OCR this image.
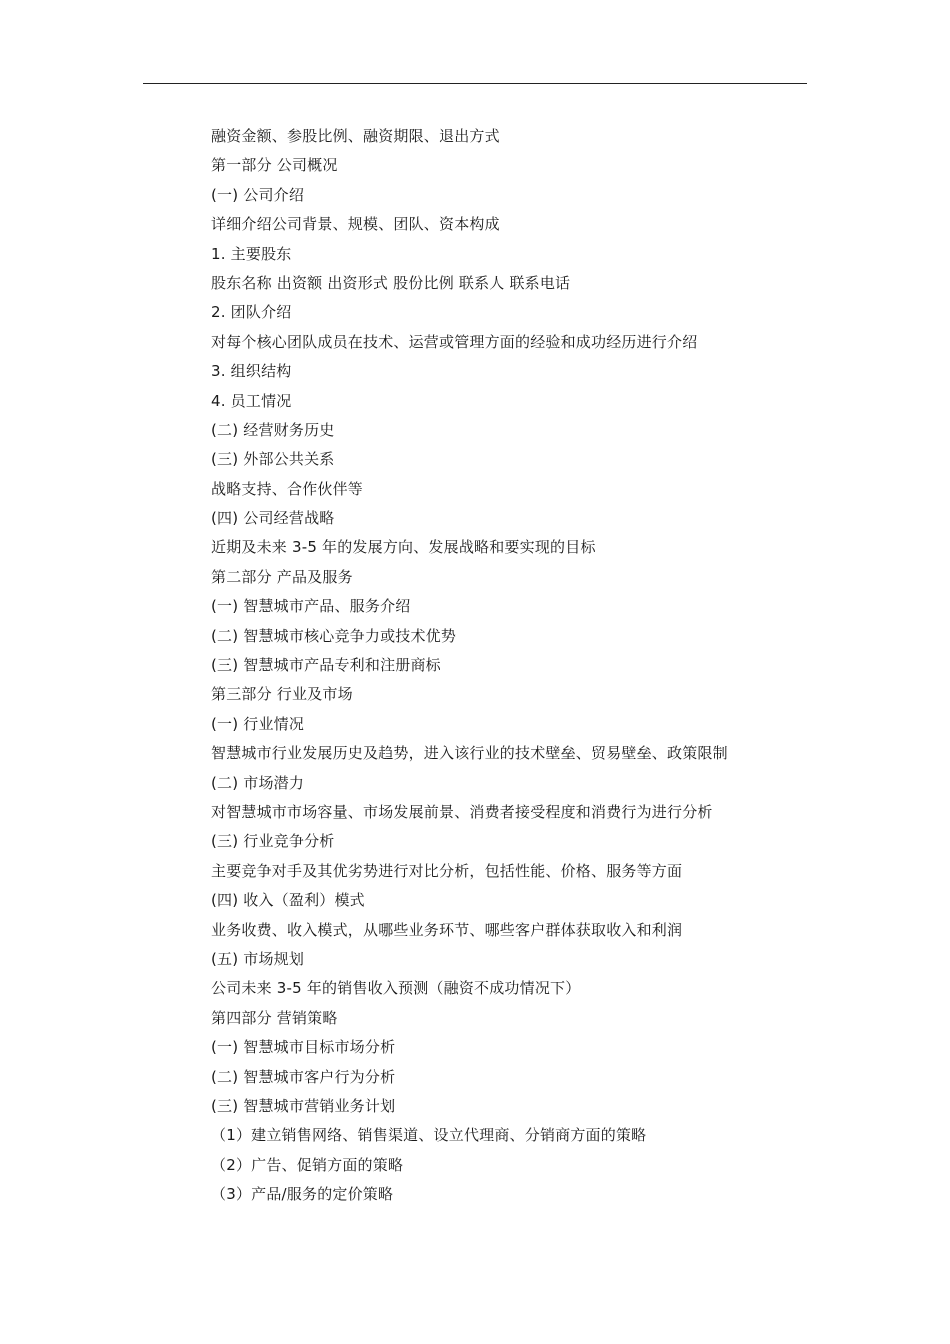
融资金额、参股比例、融资期限、退出方式
第一部分 公司概况
(一) 公司介绍
详细介绍公司背景、规模、团队、资本构成
1. 主要股东
股东名称 出资额 出资形式 股份比例 联系人 联系电话
2. 团队介绍
对每个核心团队成员在技术、运营或管理方面的经验和成功经历进行介绍
3. 组织结构
4. 员工情况
(二) 经营财务历史
(三) 外部公共关系
战略支持、合作伙伴等
(四) 公司经营战略
近期及未来 3-5 年的发展方向、发展战略和要实现的目标
第二部分 产品及服务
(一) 智慧城市产品、服务介绍
(二) 智慧城市核心竞争力或技术优势
(三) 智慧城市产品专利和注册商标
第三部分 行业及市场
(一) 行业情况
智慧城市行业发展历史及趋势，进入该行业的技术壁垒、贸易壁垒、政策限制
(二) 市场潜力
对智慧城市市场容量、市场发展前景、消费者接受程度和消费行为进行分析
(三) 行业竞争分析
主要竞争对手及其优劣势进行对比分析，包括性能、价格、服务等方面
(四) 收入（盈利）模式
业务收费、收入模式，从哪些业务环节、哪些客户群体获取收入和利润
(五) 市场规划
公司未来 3-5 年的销售收入预测（融资不成功情况下）
第四部分 营销策略
(一) 智慧城市目标市场分析
(二) 智慧城市客户行为分析
(三) 智慧城市营销业务计划
（1）建立销售网络、销售渠道、设立代理商、分销商方面的策略
（2）广告、促销方面的策略
（3）产品/服务的定价策略
